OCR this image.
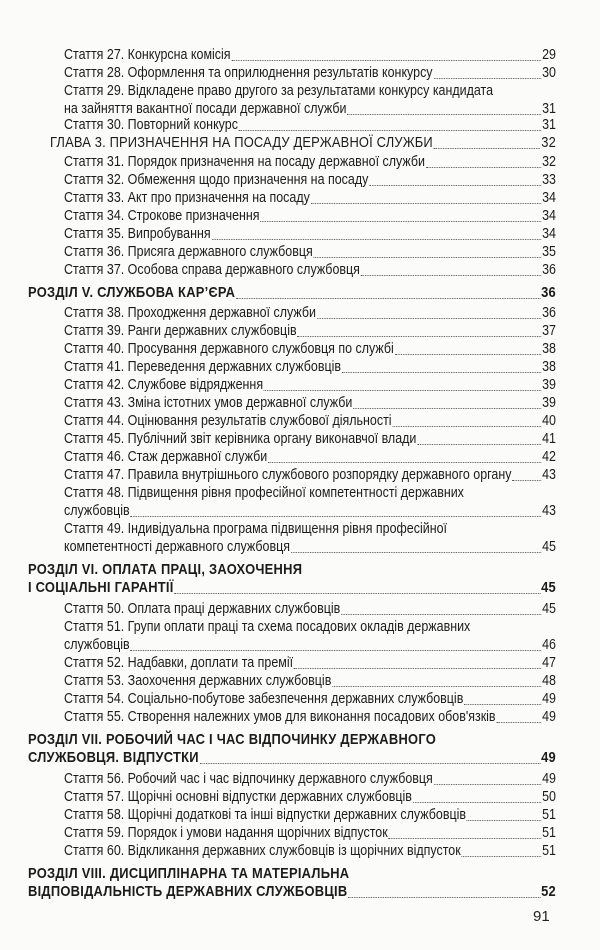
91
Стаття 27. Конкурсна комісія	29
Стаття 28. Оформлення та оприлюднення результатів конкурсу	30
Стаття 29. Відкладене право другого за результатами конкурсу кандидата
на зайняття вакантної посади державної служби	31
Стаття 30. Повторний конкурс	31
ГЛАВА 3. ПРИЗНАЧЕННЯ НА ПОСАДУ ДЕРЖАВНОЇ СЛУЖБИ	32
Стаття 31. Порядок призначення на посаду державної служби	32
Стаття 32. Обмеження щодо призначення на посаду	33
Стаття 33. Акт про призначення на посаду	34
Стаття 34. Строкове призначення	34
Стаття 35. Випробування	34
Стаття 36. Присяга державного службовця	35
Стаття 37. Особова справа державного службовця	36
РОЗДІЛ V. СЛУЖБОВА КАР’ЄРА	36
Стаття 38. Проходження державної служби	36
Стаття 39. Ранги державних службовців	37
Стаття 40. Просування державного службовця по службі	38
Стаття 41. Переведення державних службовців	38
Стаття 42. Службове відрядження	39
Стаття 43. Зміна істотних умов державної служби	39
Стаття 44. Оцінювання результатів службової діяльності	40
Стаття 45. Публічний звіт керівника органу виконавчої влади	41
Стаття 46. Стаж державної служби	42
Стаття 47. Правила внутрішнього службового розпорядку державного органу 43
Стаття 48. Підвищення рівня професійної компетентності державних
службовців	43
Стаття 49. Індивідуальна програма підвищення рівня професійної
компетентності державного службовця	45
РОЗДІЛ VI. ОПЛАТА ПРАЦІ, ЗАОХОЧЕННЯ
І СОЦІАЛЬНІ ГАРАНТІЇ	45
Стаття 50. Оплата праці державних службовців	45
Стаття 51. Групи оплати праці та схема посадових окладів державних
службовців	46
Стаття 52. Надбавки, доплати та премії	47
Стаття 53. Заохочення державних службовців	48
Стаття 54. Соціально-побутове забезпечення державних службовців	49
Стаття 55. Створення належних умов для виконання посадових обов'язків	49
РОЗДІЛ VII. РОБОЧИЙ ЧАС І ЧАС ВІДПОЧИНКУ ДЕРЖАВНОГО
СЛУЖБОВЦЯ. ВІДПУСТКИ	49
Стаття 56. Робочий час і час відпочинку державного службовця	49
Стаття 57. Щорічні основні відпустки державних службовців	50
Стаття 58. Щорічні додаткові та інші відпустки державних службовців	51
Стаття 59. Порядок і умови надання щорічних відпусток	51
Стаття 60. Відкликання державних службовців із щорічних відпусток	51
РОЗДІЛ VIII. ДИСЦИПЛІНАРНА ТА МАТЕРІАЛЬНА
ВІДПОВІДАЛЬНІСТЬ ДЕРЖАВНИХ СЛУЖБОВЦІВ	52
